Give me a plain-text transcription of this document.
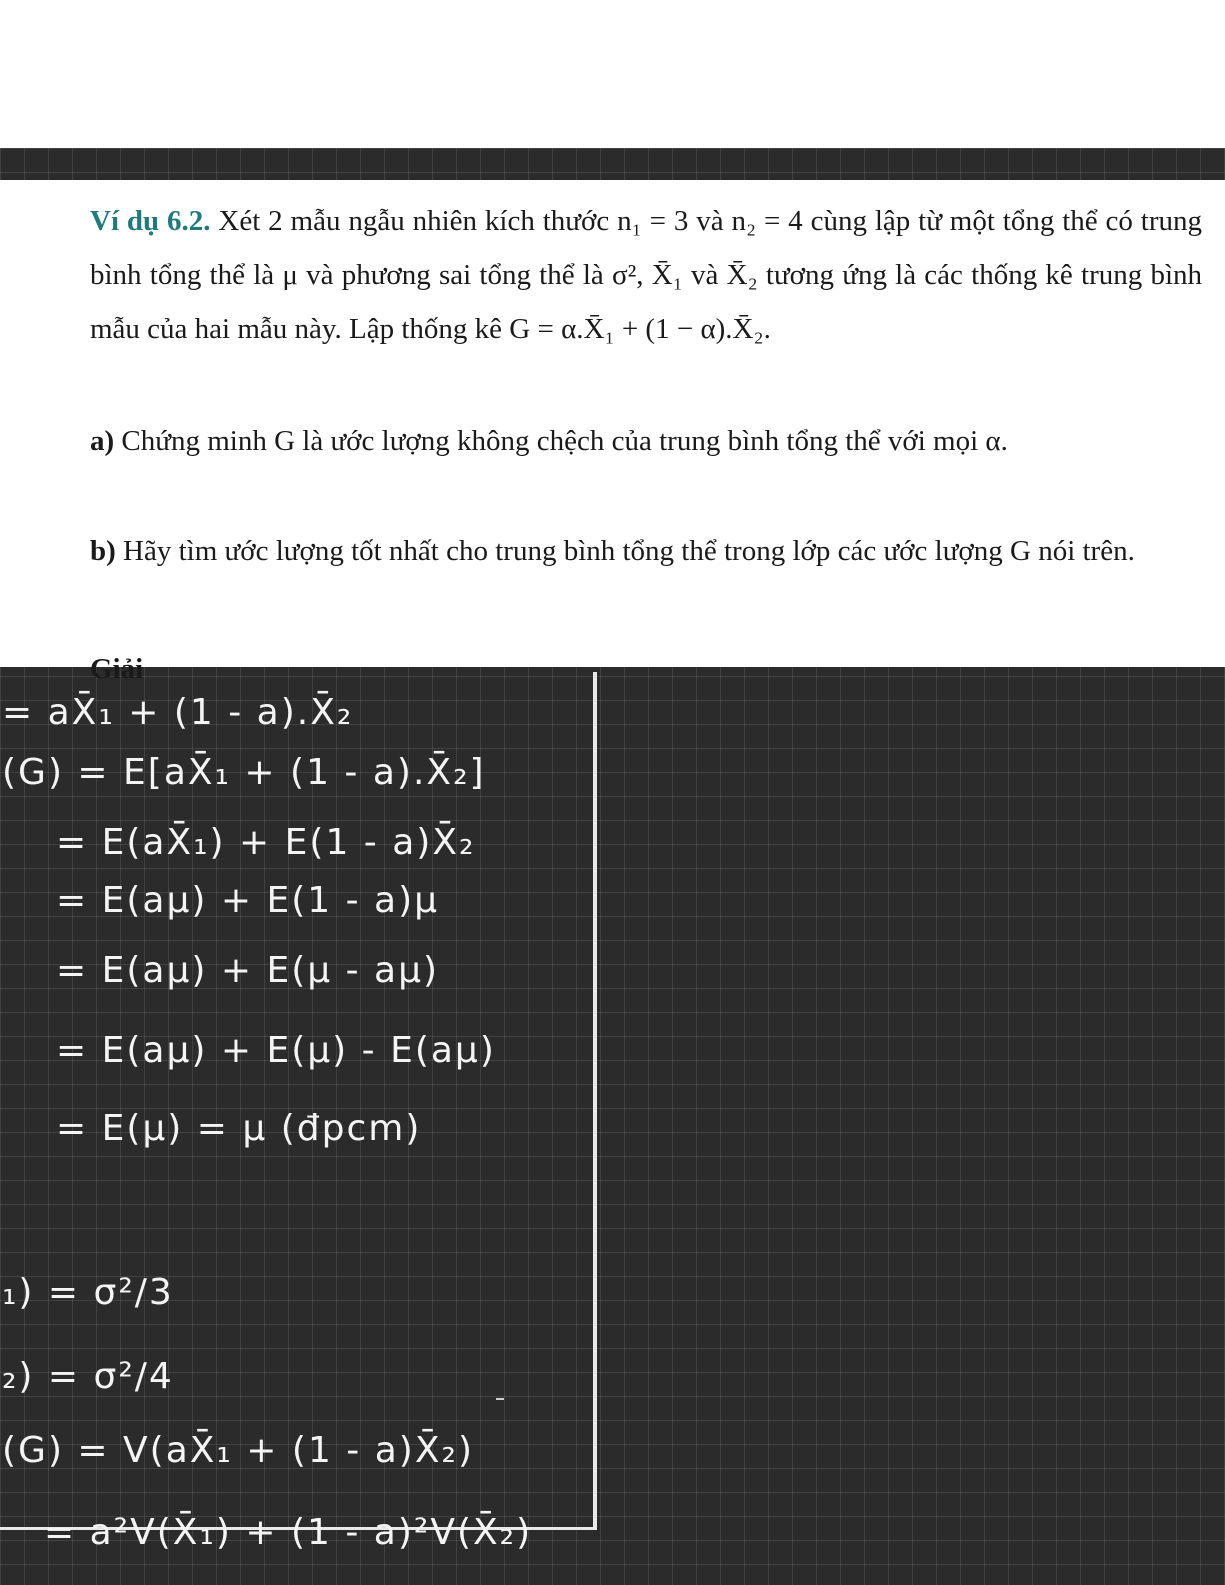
Ví dụ 6.2. Xét 2 mẫu ngẫu nhiên kích thước n₁ = 3 và n₂ = 4 cùng lập từ một tổng thể có trung bình tổng thể là μ và phương sai tổng thể là σ², X̄₁ và X̄₂ tương ứng là các thống kê trung bình mẫu của hai mẫu này. Lập thống kê G = α.X̄₁ + (1 − α).X̄₂.
a) Chứng minh G là ước lượng không chệch của trung bình tổng thể với mọi α.
b) Hãy tìm ước lượng tốt nhất cho trung bình tổng thể trong lớp các ước lượng G nói trên.
Giải
= aX̄₁ + (1 - a).X̄₂
(G) = E[aX̄₁ + (1 - a).X̄₂]
= E(aX̄₁) + E(1 - a)X̄₂
= E(aμ) + E(1 - a)μ
= E(aμ) + E(μ - aμ)
= E(aμ) + E(μ) - E(aμ)
= E(μ) = μ (đpcm)
₁) = σ²/3
₂) = σ²/4
(G) = V(aX̄₁ + (1 - a)X̄₂)
= a²V(X̄₁) + (1 - a)²V(X̄₂)
